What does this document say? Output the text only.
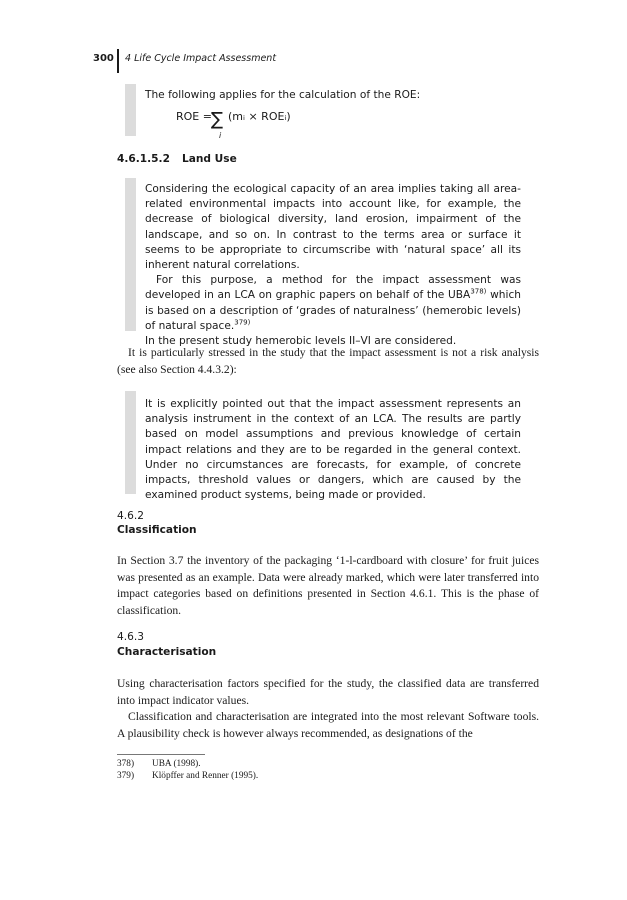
300 4 Life Cycle Impact Assessment
The following applies for the calculation of the ROE:
ROE = ∑
i
(mᵢ × ROEᵢ)
4.6.1.5.2 Land Use

Considering the ecological capacity of an area implies taking all area-related environmental impacts into account like, for example, the decrease of biological diversity, land erosion, impairment of the landscape, and so on. In contrast to the terms area or surface it seems to be appropriate to circumscribe with ‘natural space’ all its inherent natural correlations.

For this purpose, a method for the impact assessment was developed in an LCA on graphic papers on behalf of the UBA$^{378)}$ which is based on a description of ‘grades of naturalness’ (hemerobic levels) of natural space.$^{379)}$

In the present study hemerobic levels II–VI are considered.

It is particularly stressed in the study that the impact assessment is not a risk analysis (see also Section 4.4.3.2):

It is explicitly pointed out that the impact assessment represents an analysis instrument in the context of an LCA. The results are partly based on model assumptions and previous knowledge of certain impact relations and they are to be regarded in the general context. Under no circumstances are forecasts, for example, of concrete impacts, threshold values or dangers, which are caused by the examined product systems, being made or provided.

4.6.2
Classification

In Section 3.7 the inventory of the packaging ‘1-l-cardboard with closure’ for fruit juices was presented as an example. Data were already marked, which were later transferred into impact categories based on definitions presented in Section 4.6.1. This is the phase of classification.

4.6.3
Characterisation

Using characterisation factors specified for the study, the classified data are transferred into impact indicator values.

Classification and characterisation are integrated into the most relevant Software tools. A plausibility check is however always recommended, as designations of the

378) UBA (1998).
379) Klöpffer and Renner (1995).
